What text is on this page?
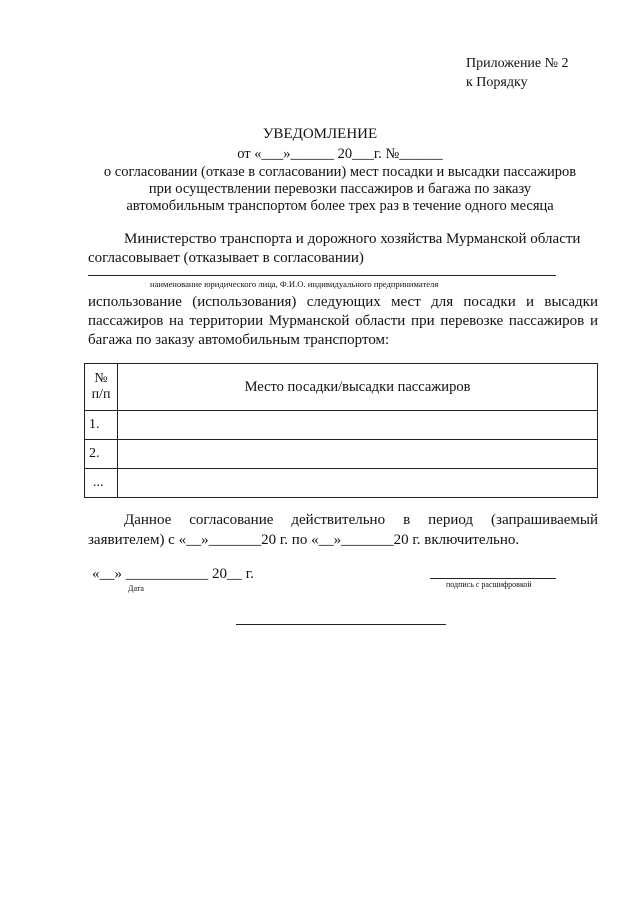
Приложение № 2
к Порядку
УВЕДОМЛЕНИЕ
от «___»______ 20___г. №______
о согласовании (отказе в согласовании) мест посадки и высадки пассажиров
при осуществлении перевозки пассажиров и багажа по заказу
автомобильным транспортом более трех раз в течение одного месяца
Министерство транспорта и дорожного хозяйства Мурманской области согласовывает (отказывает в согласовании)
наименование юридического лица, Ф.И.О. индивидуального предпринимателя
использование (использования) следующих мест для посадки и высадки пассажиров на территории Мурманской области при перевозке пассажиров и багажа по заказу автомобильным транспортом:
№
п/п	Место посадки/высадки пассажиров
1.	
2.	
...	
Данное согласование действительно в период (запрашиваемый заявителем) с «__»_______20 г. по «__»_______20 г. включительно.
«__» ___________ 20__ г.
Дата	подпись с расшифровкой
